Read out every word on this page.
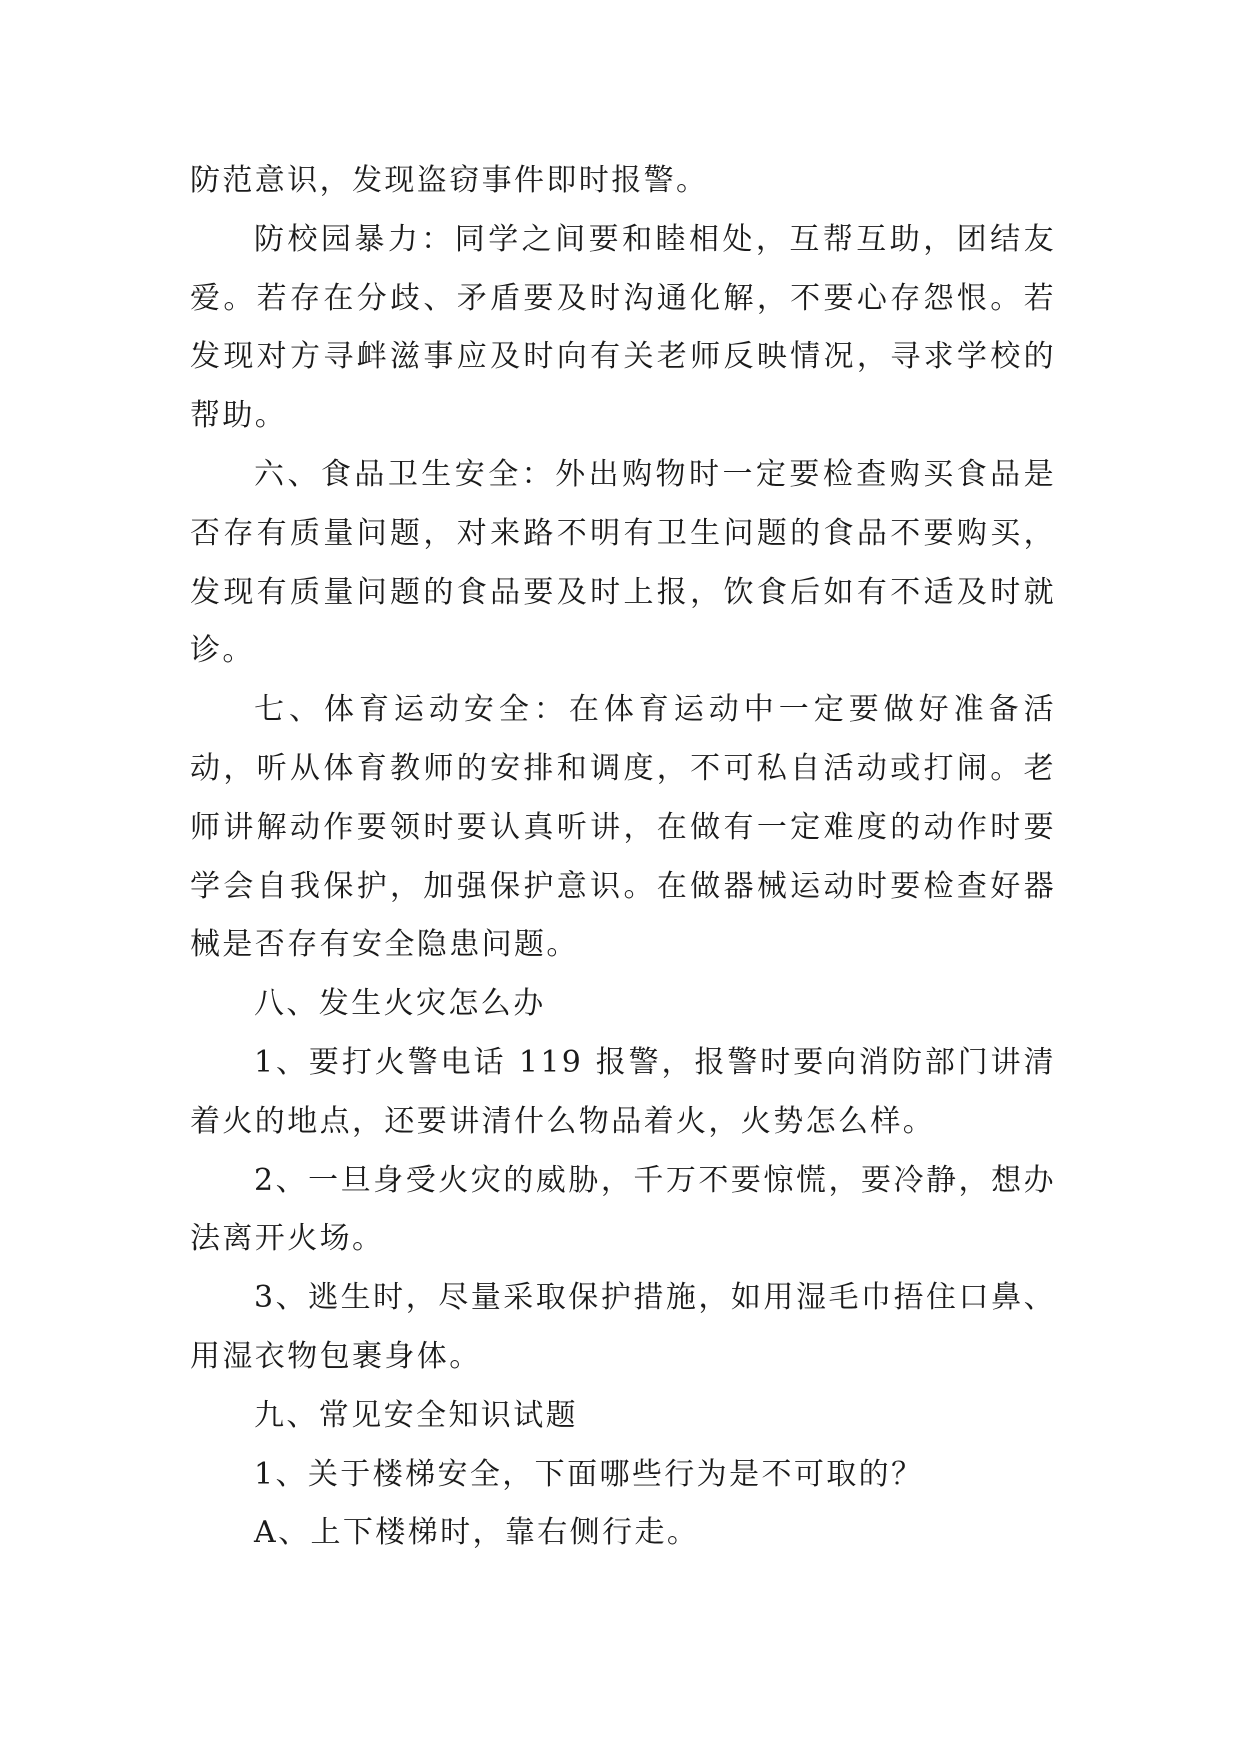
防范意识，发现盗窃事件即时报警。

防校园暴力：同学之间要和睦相处，互帮互助，团结友爱。若存在分歧、矛盾要及时沟通化解，不要心存怨恨。若发现对方寻衅滋事应及时向有关老师反映情况，寻求学校的帮助。

六、食品卫生安全：外出购物时一定要检查购买食品是否存有质量问题，对来路不明有卫生问题的食品不要购买，发现有质量问题的食品要及时上报，饮食后如有不适及时就诊。

七、体育运动安全：在体育运动中一定要做好准备活动，听从体育教师的安排和调度，不可私自活动或打闹。老师讲解动作要领时要认真听讲，在做有一定难度的动作时要学会自我保护，加强保护意识。在做器械运动时要检查好器械是否存有安全隐患问题。

八、发生火灾怎么办

1、要打火警电话 119 报警，报警时要向消防部门讲清着火的地点，还要讲清什么物品着火，火势怎么样。

2、一旦身受火灾的威胁，千万不要惊慌，要冷静，想办法离开火场。

3、逃生时，尽量采取保护措施，如用湿毛巾捂住口鼻、用湿衣物包裹身体。

九、常见安全知识试题

1、关于楼梯安全，下面哪些行为是不可取的？

A、上下楼梯时，靠右侧行走。
